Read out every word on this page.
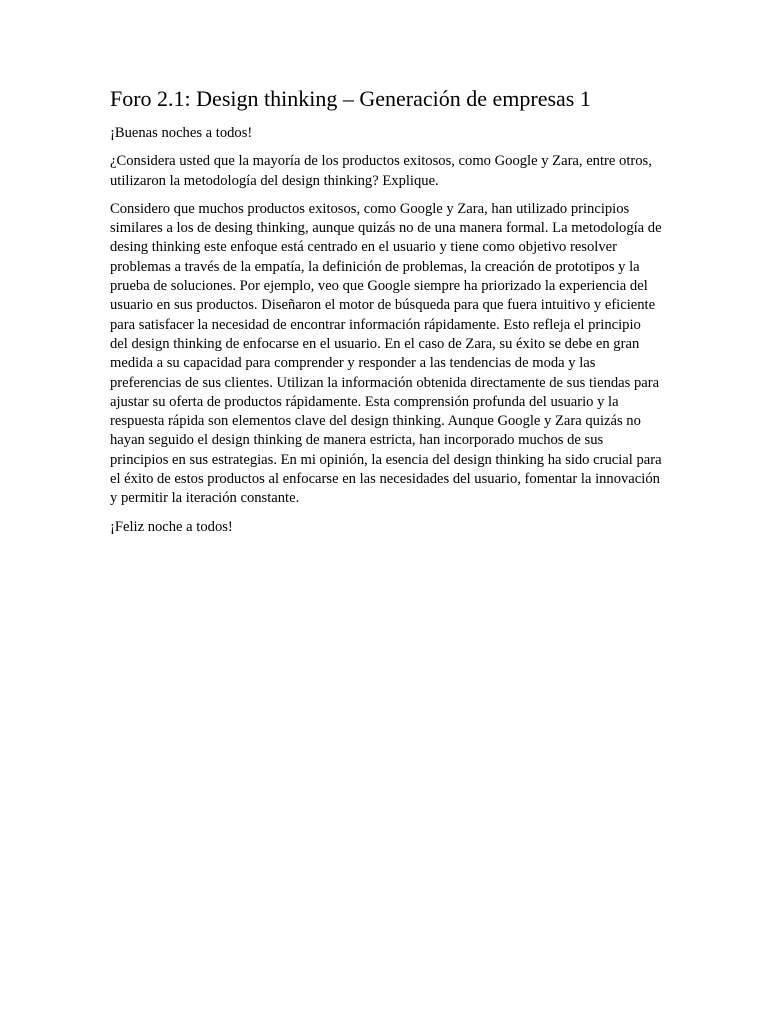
Foro 2.1: Design thinking – Generación de empresas 1

¡Buenas noches a todos!

¿Considera usted que la mayoría de los productos exitosos, como Google y Zara, entre otros, utilizaron la metodología del design thinking? Explique.

Considero que muchos productos exitosos, como Google y Zara, han utilizado principios similares a los de desing thinking, aunque quizás no de una manera formal. La metodología de desing thinking este enfoque está centrado en el usuario y tiene como objetivo resolver problemas a través de la empatía, la definición de problemas, la creación de prototipos y la prueba de soluciones. Por ejemplo, veo que Google siempre ha priorizado la experiencia del usuario en sus productos. Diseñaron el motor de búsqueda para que fuera intuitivo y eficiente para satisfacer la necesidad de encontrar información rápidamente. Esto refleja el principio del design thinking de enfocarse en el usuario. En el caso de Zara, su éxito se debe en gran medida a su capacidad para comprender y responder a las tendencias de moda y las preferencias de sus clientes. Utilizan la información obtenida directamente de sus tiendas para ajustar su oferta de productos rápidamente. Esta comprensión profunda del usuario y la respuesta rápida son elementos clave del design thinking. Aunque Google y Zara quizás no hayan seguido el design thinking de manera estricta, han incorporado muchos de sus principios en sus estrategias. En mi opinión, la esencia del design thinking ha sido crucial para el éxito de estos productos al enfocarse en las necesidades del usuario, fomentar la innovación y permitir la iteración constante.

¡Feliz noche a todos!
